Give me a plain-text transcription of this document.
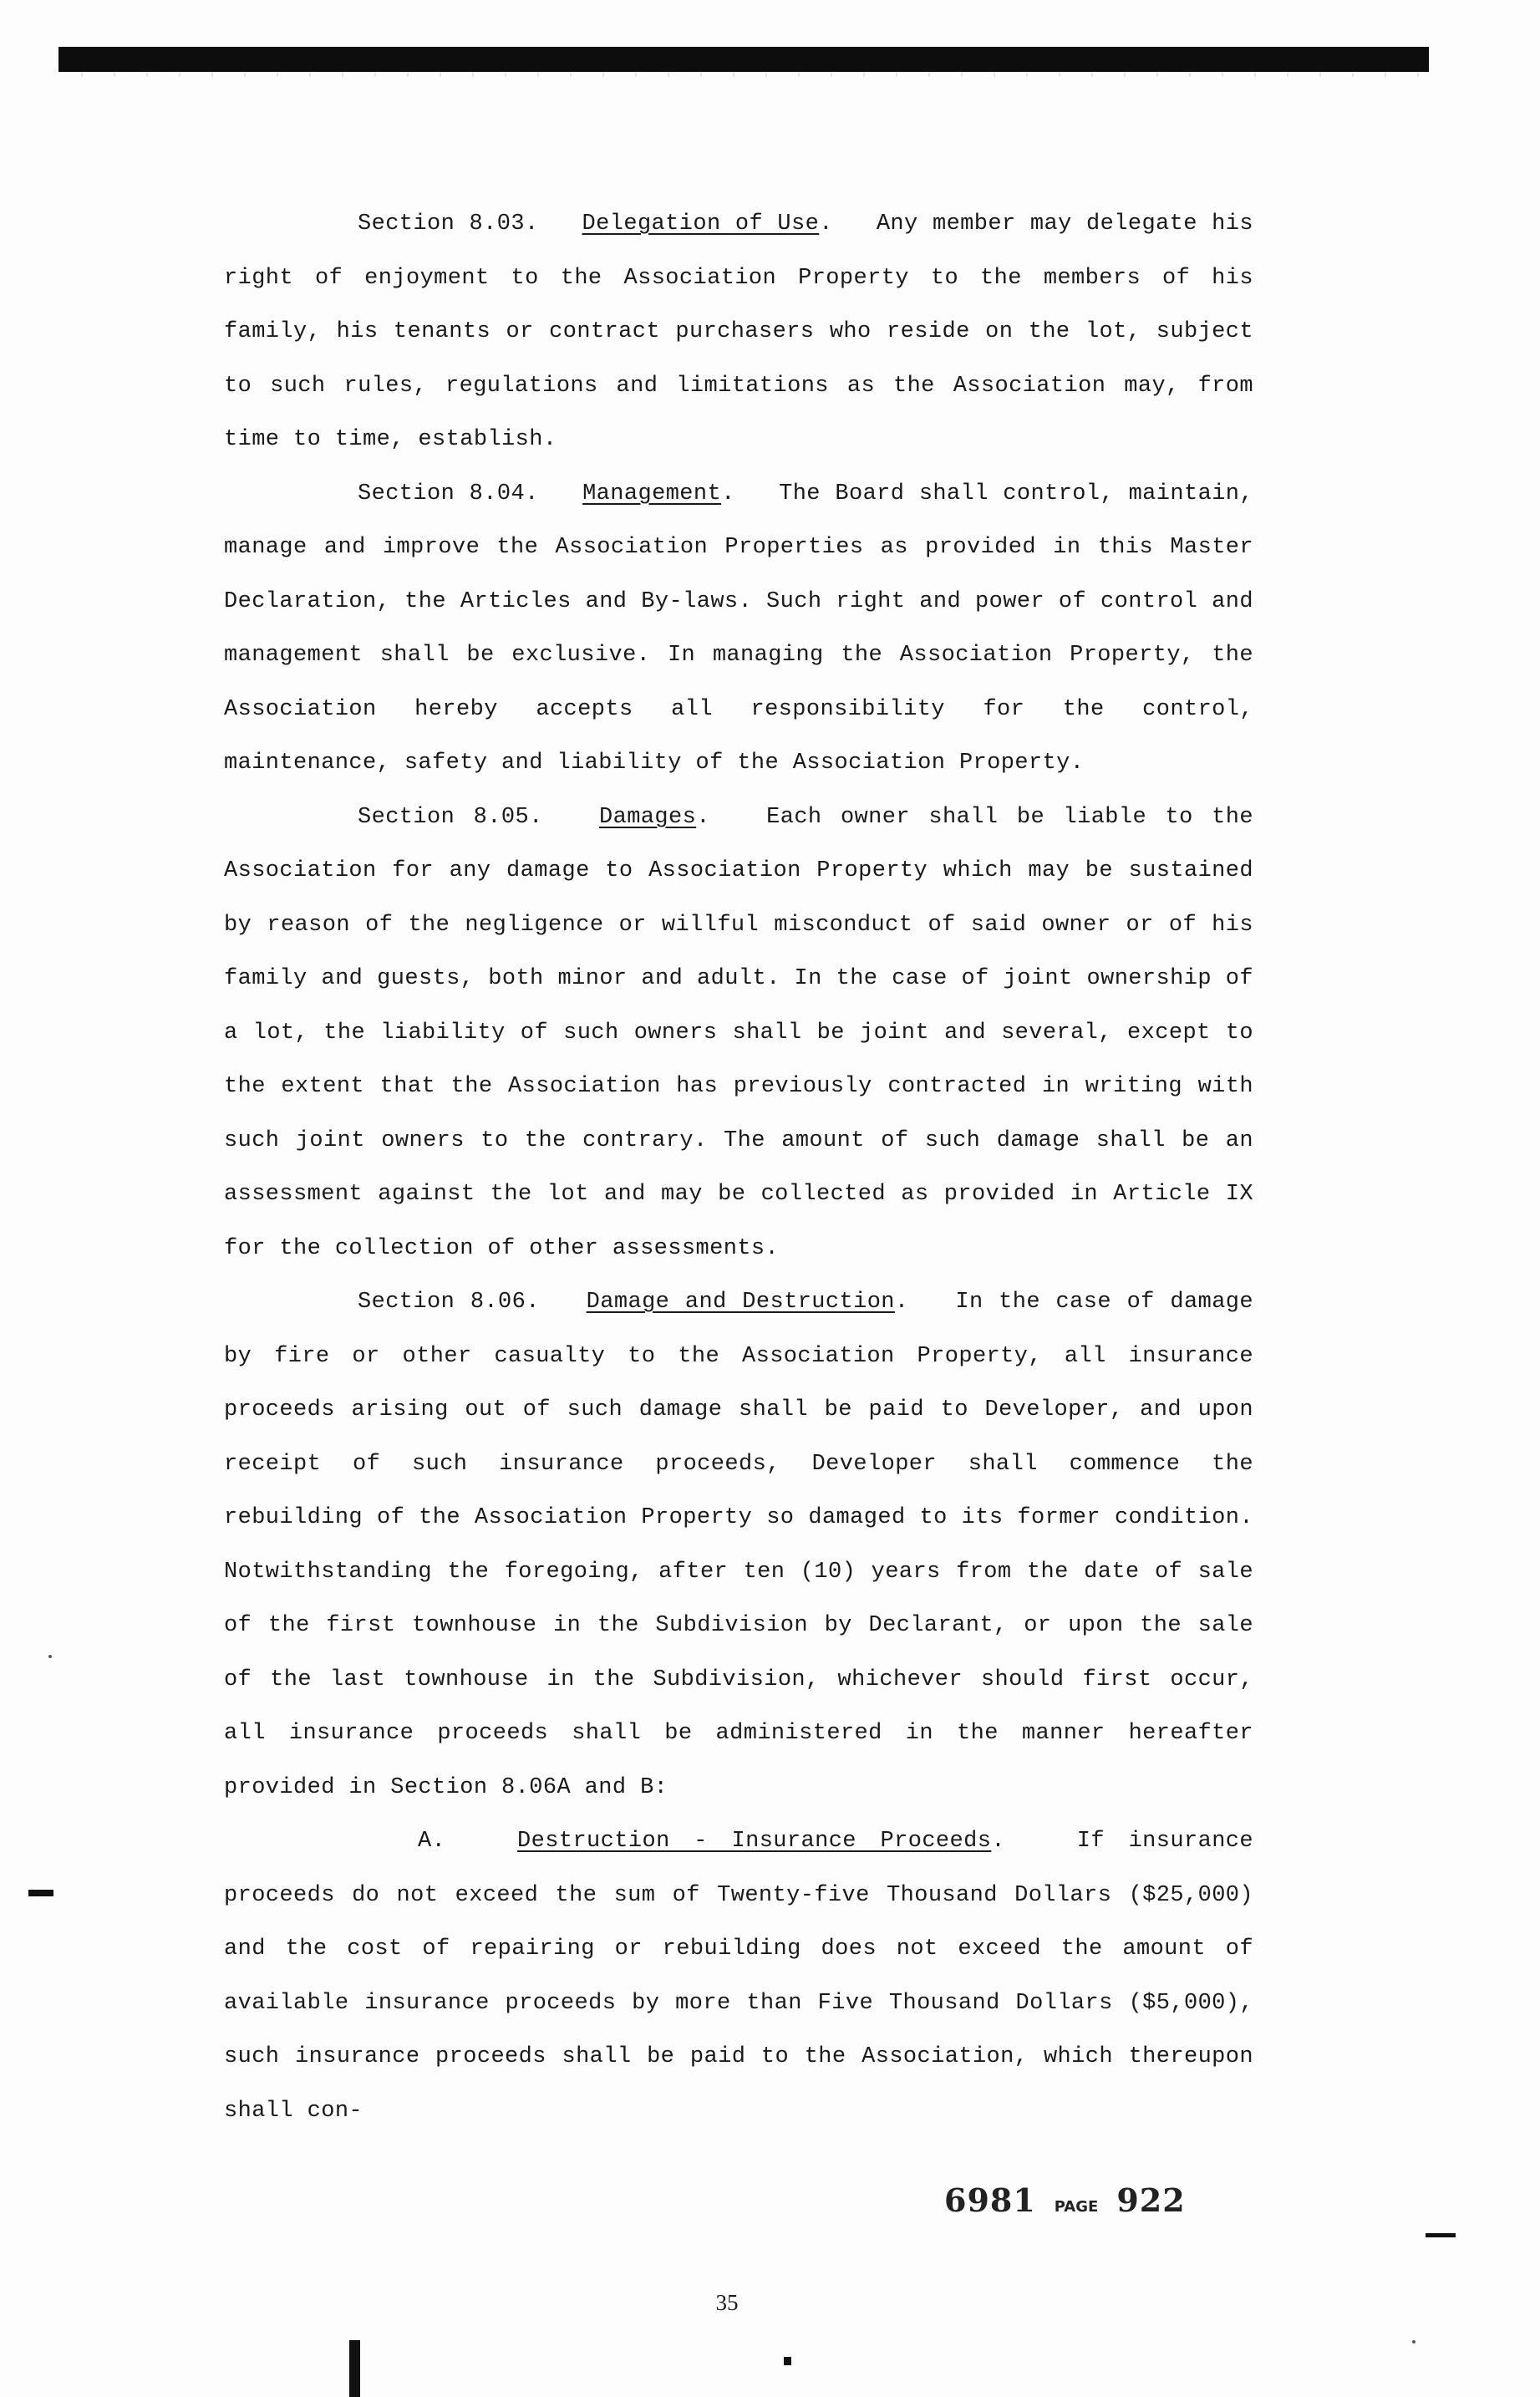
Section 8.03. Delegation of Use.   Any member may delegate his right of enjoyment to the Association Property to the members of his family, his tenants or contract purchasers who reside on the lot, subject to such rules, regulations and limitations as the Association may, from time to time, establish.

Section 8.04. Management.   The Board shall control, maintain, manage and improve the Association Properties as provided in this Master Declaration, the Articles and By-laws. Such right and power of control and management shall be exclusive. In managing the Association Property, the Association hereby accepts all responsibility for the control, maintenance, safety and liability of the Association Property.

Section 8.05. Damages.   Each owner shall be liable to the Association for any damage to Association Property which may be sustained by reason of the negligence or willful misconduct of said owner or of his family and guests, both minor and adult. In the case of joint ownership of a lot, the liability of such owners shall be joint and several, except to the extent that the Association has previously contracted in writing with such joint owners to the contrary. The amount of such damage shall be an assessment against the lot and may be collected as provided in Article IX for the collection of other assessments.

Section 8.06. Damage and Destruction.   In the case of damage by fire or other casualty to the Association Property, all insurance proceeds arising out of such damage shall be paid to Developer, and upon receipt of such insurance proceeds, Developer shall commence the rebuilding of the Association Property so damaged to its former condition. Notwithstanding the foregoing, after ten (10) years from the date of sale of the first townhouse in the Subdivision by Declarant, or upon the sale of the last townhouse in the Subdivision, whichever should first occur, all insurance proceeds shall be administered in the manner hereafter provided in Section 8.06A and B:

A.	Destruction - Insurance Proceeds.   If insurance proceeds do not exceed the sum of Twenty-five Thousand Dollars ($25,000) and the cost of repairing or rebuilding does not exceed the amount of available insurance proceeds by more than Five Thousand Dollars ($5,000), such insurance proceeds shall be paid to the Association, which thereupon shall con-

6981 PAGE 922
35
